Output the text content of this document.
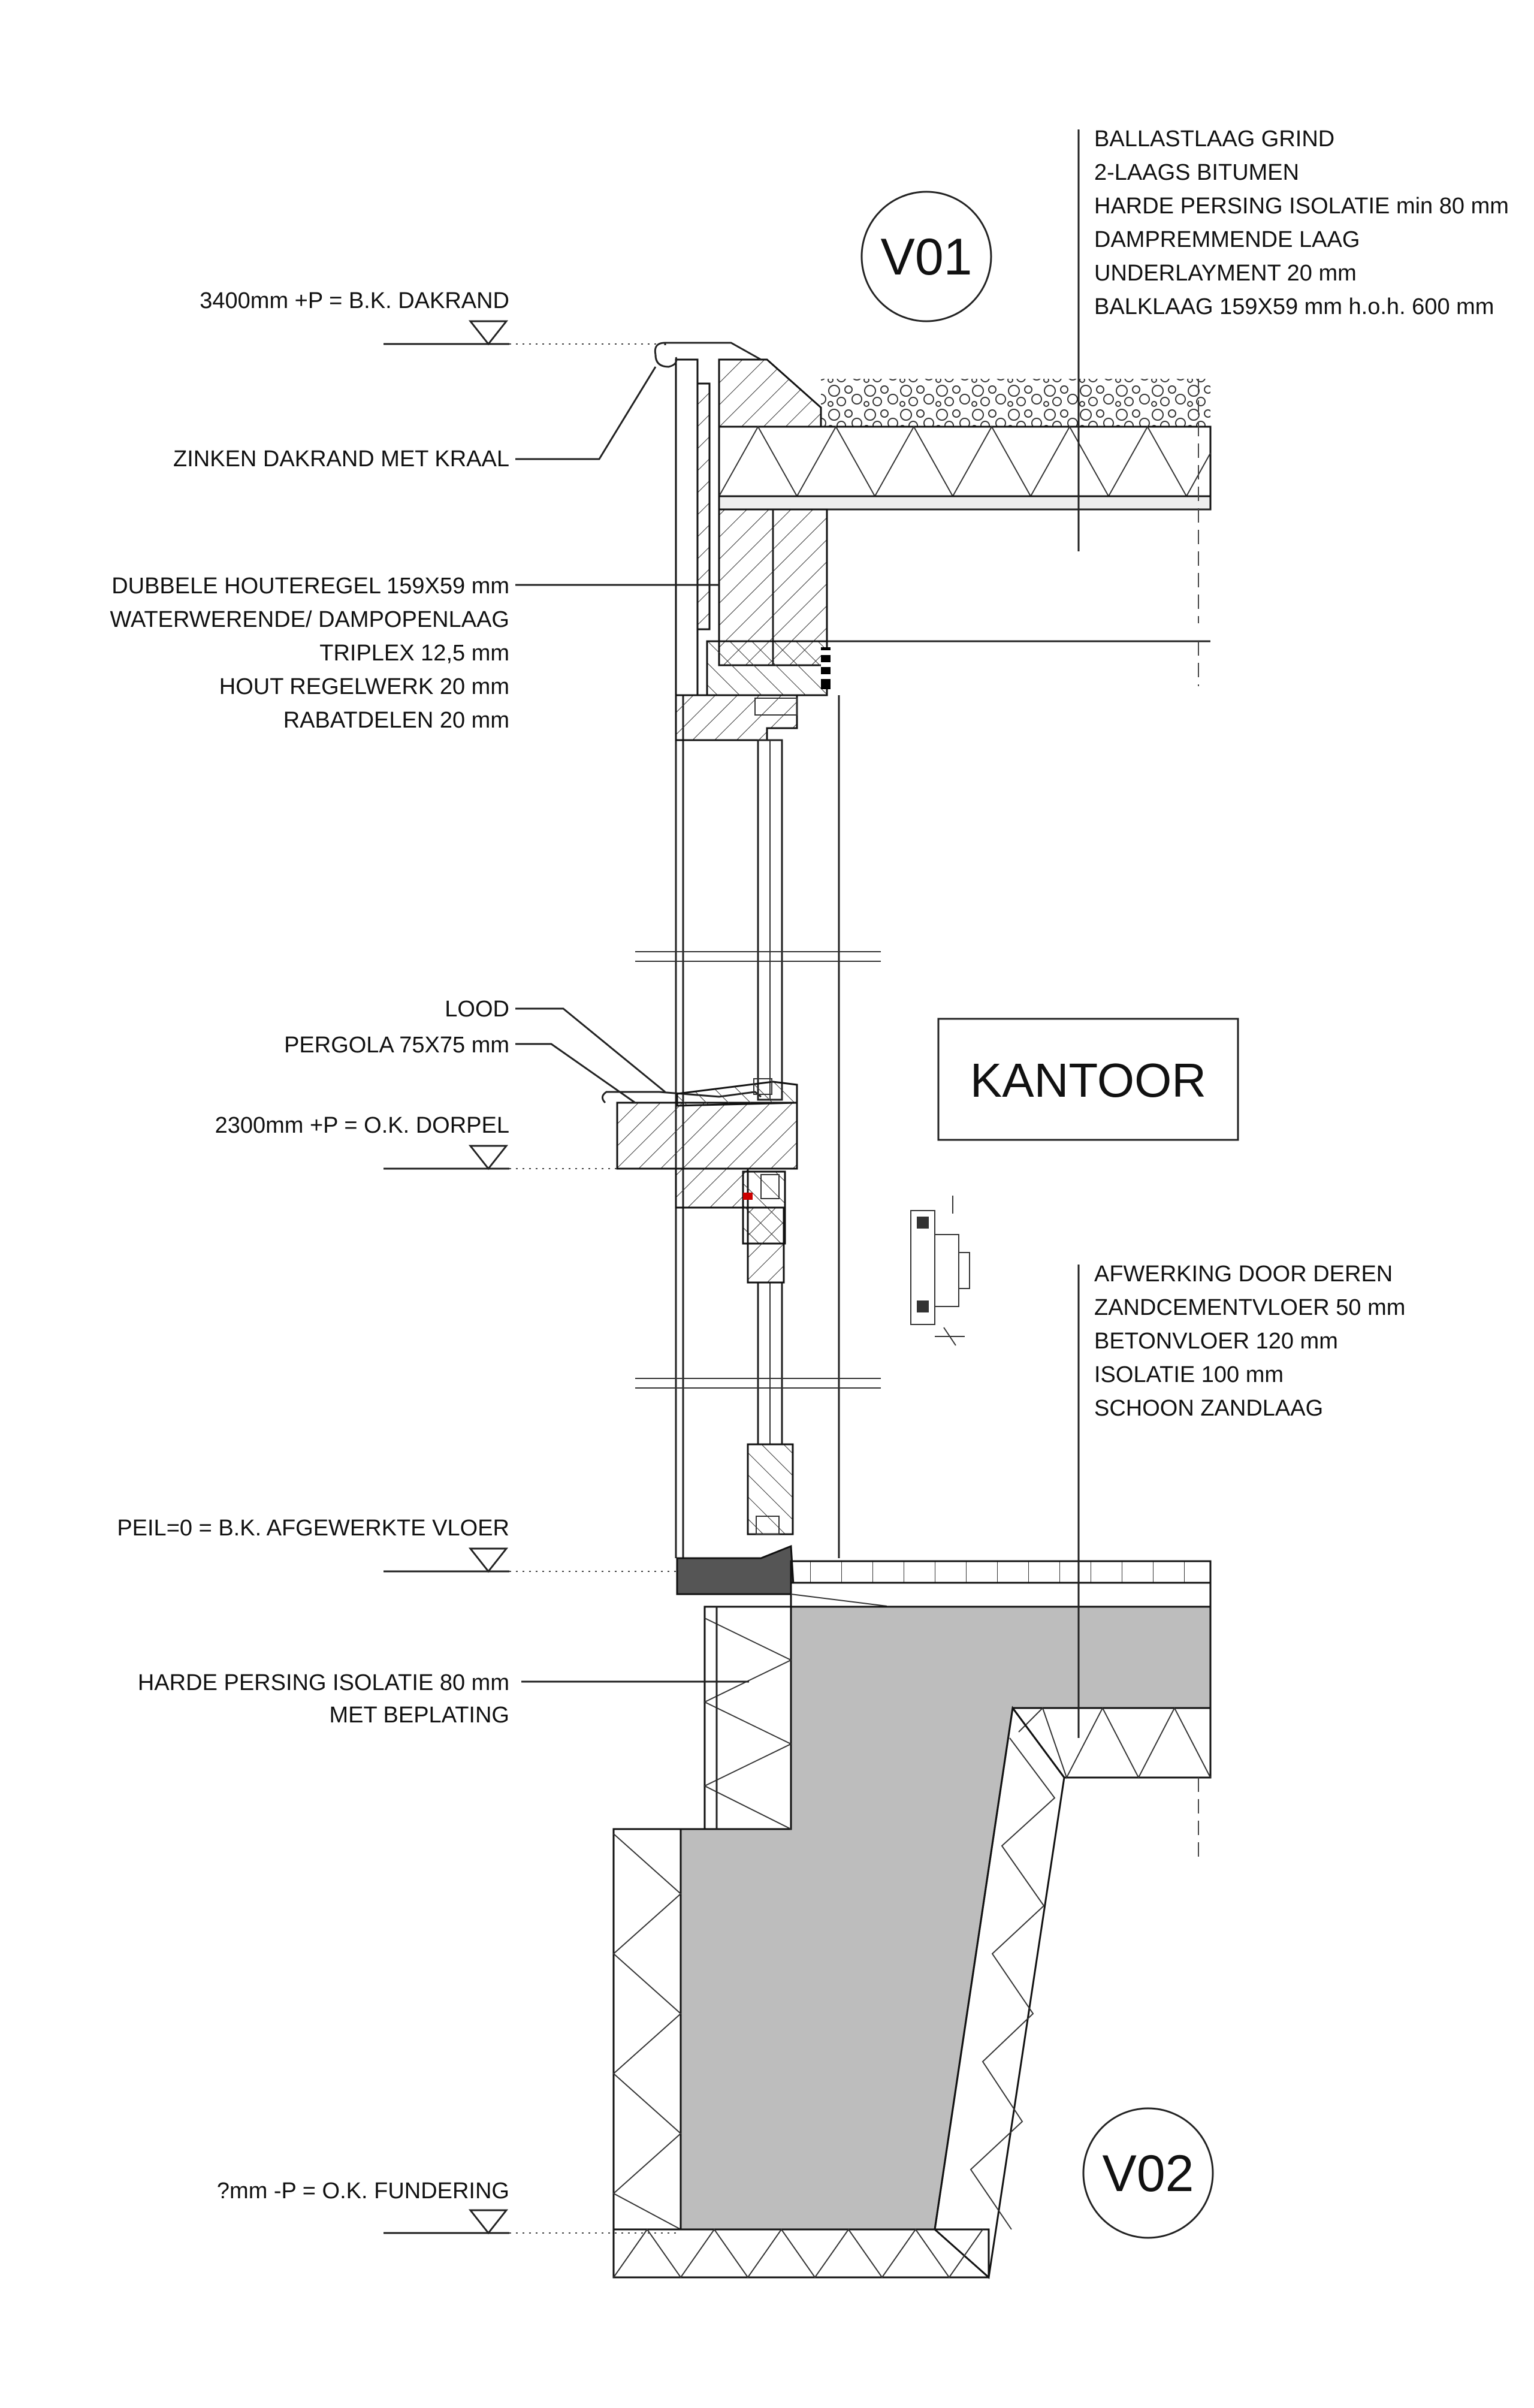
3400mm +P = B.K. DAKRAND
2300mm +P = O.K. DORPEL
PEIL=0 = B.K. AFGEWERKTE VLOER
?mm -P = O.K. FUNDERING
ZINKEN DAKRAND MET KRAAL
DUBBELE HOUTEREGEL 159X59 mm
WATERWERENDE/ DAMPOPENLAAG
TRIPLEX 12,5 mm
HOUT REGELWERK 20 mm
RABATDELEN 20 mm
LOOD
PERGOLA 75X75 mm
HARDE PERSING ISOLATIE 80 mm
MET BEPLATING
BALLASTLAAG GRIND
2-LAAGS BITUMEN
HARDE PERSING ISOLATIE min 80 mm
DAMPREMMENDE LAAG
UNDERLAYMENT 20 mm
BALKLAAG 159X59 mm h.o.h. 600 mm
AFWERKING DOOR DEREN
ZANDCEMENTVLOER 50 mm
BETONVLOER 120 mm
ISOLATIE 100 mm
SCHOON ZANDLAAG
KANTOOR
V01
V02
